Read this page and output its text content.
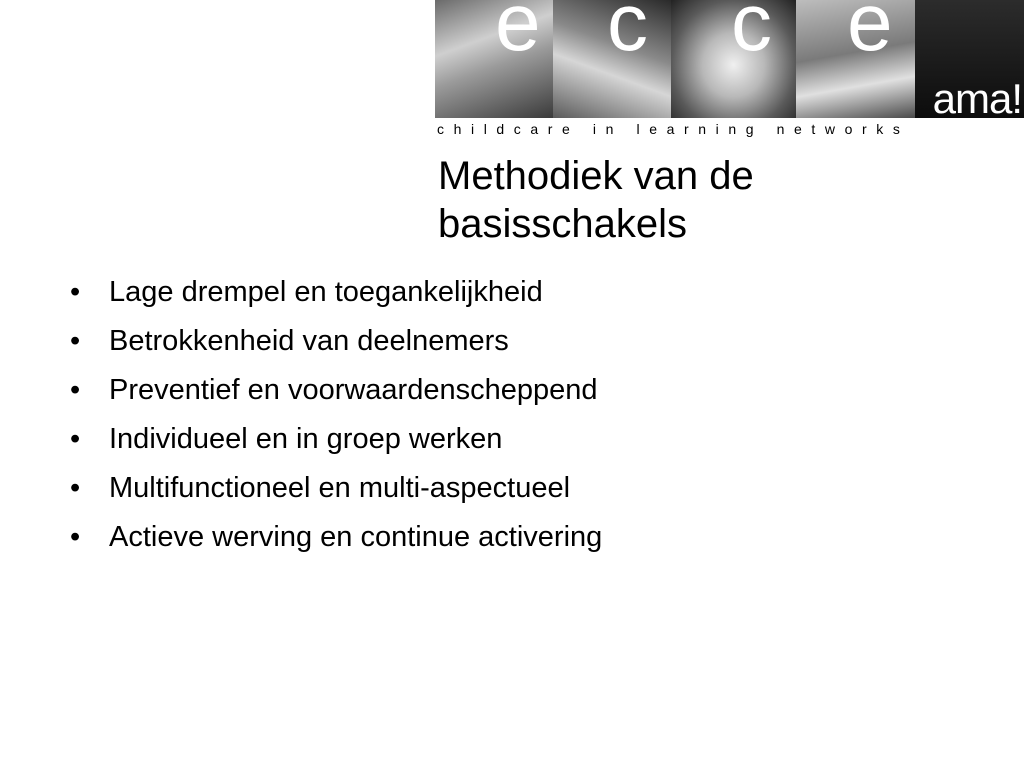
e c c e
ama!
childcare in learning networks
Methodiek van de basisschakels
• Lage drempel en toegankelijkheid
• Betrokkenheid van deelnemers
• Preventief en voorwaardenscheppend
• Individueel en in groep werken
• Multifunctioneel en multi-aspectueel
• Actieve werving en continue activering
